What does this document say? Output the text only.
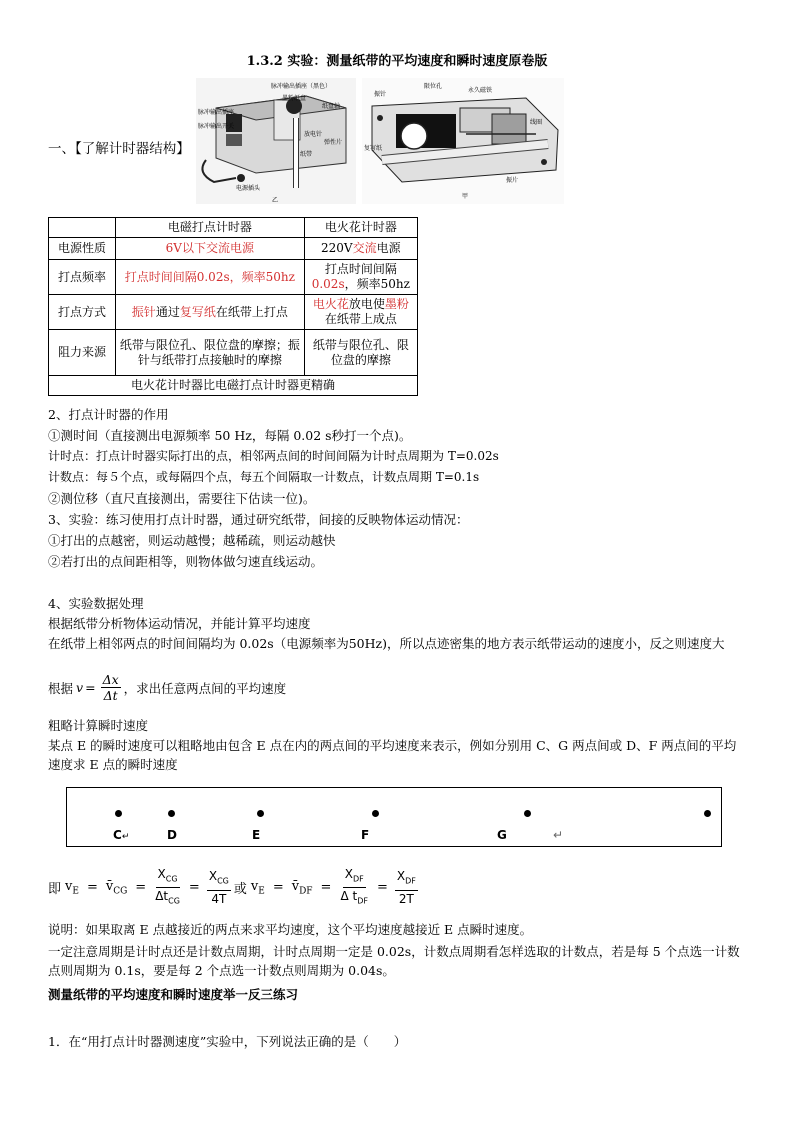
1.3.2 实验：测量纸带的平均速度和瞬时速度原卷版
一、【了解计时器结构】
脉冲输出插座（黑色）
墨粉纸盘
纸盘轴
脉冲输出插座
脉冲输出开关
放电针
纸带
弹性片
电源插头
乙
振针
限位孔
永久磁铁
线圈
复写纸
振片
甲
	电磁打点计时器	电火花计时器
电源性质	6V以下交流电源	220V交流电源
打点频率	打点时间间隔0.02s，频率50hz	打点时间间隔0.02s，频率50hz
打点方式	振针通过复写纸在纸带上打点	电火花放电使墨粉在纸带上成点
阻力来源	纸带与限位孔、限位盘的摩擦；振针与纸带打点接触时的摩擦	纸带与限位孔、限位盘的摩擦
电火花计时器比电磁打点计时器更精确		
2、打点计时器的作用
①测时间（直接测出电源频率 50 Hz，每隔 0.02 s秒打一个点)。
计时点：打点计时器实际打出的点，相邻两点间的时间间隔为计时点周期为 T=0.02s
计数点：每５个点，或每隔四个点，每五个间隔取一计数点，计数点周期 T=0.1s
②测位移（直尺直接测出，需要往下估读一位)。
3、实验：练习使用打点计时器，通过研究纸带，间接的反映物体运动情况：
①打出的点越密，则运动越慢；越稀疏，则运动越快
②若打出的点间距相等，则物体做匀速直线运动。
4、实验数据处理
根据纸带分析物体运动情况，并能计算平均速度
在纸带上相邻两点的时间间隔均为 0.02s（电源频率为50Hz)，所以点迹密集的地方表示纸带运动的速度小，反之则速度大
根据 $v = \frac{\Delta x}{\Delta t}$ ，求出任意两点间的平均速度
粗略计算瞬时速度
某点 E 的瞬时速度可以粗略地由包含 E 点在内的两点间的平均速度来表示，例如分别用 C、G 两点间或 D、F 两点间的平均速度求 E 点的瞬时速度
C↵	D	E	F	G	↵
即 $v_E$ = $v̄_{CG} = \frac{X_{CG}}{\Delta t_{CG}} = \frac{X_{CG}}{4T}$ 或 $v_E$ = $v̄_{DF} = \frac{X_{DF}}{\Delta t_{DF}} = \frac{X_{DF}}{2T}$
说明：如果取离 E 点越接近的两点来求平均速度，这个平均速度越接近 E 点瞬时速度。
一定注意周期是计时点还是计数点周期，计时点周期一定是 0.02s，计数点周期看怎样选取的计数点，若是每 5 个点选一计数点则周期为 0.1s，要是每 2 个点选一计数点则周期为 0.04s。
测量纸带的平均速度和瞬时速度举一反三练习
1．在“用打点计时器测速度”实验中，下列说法正确的是（　　）
